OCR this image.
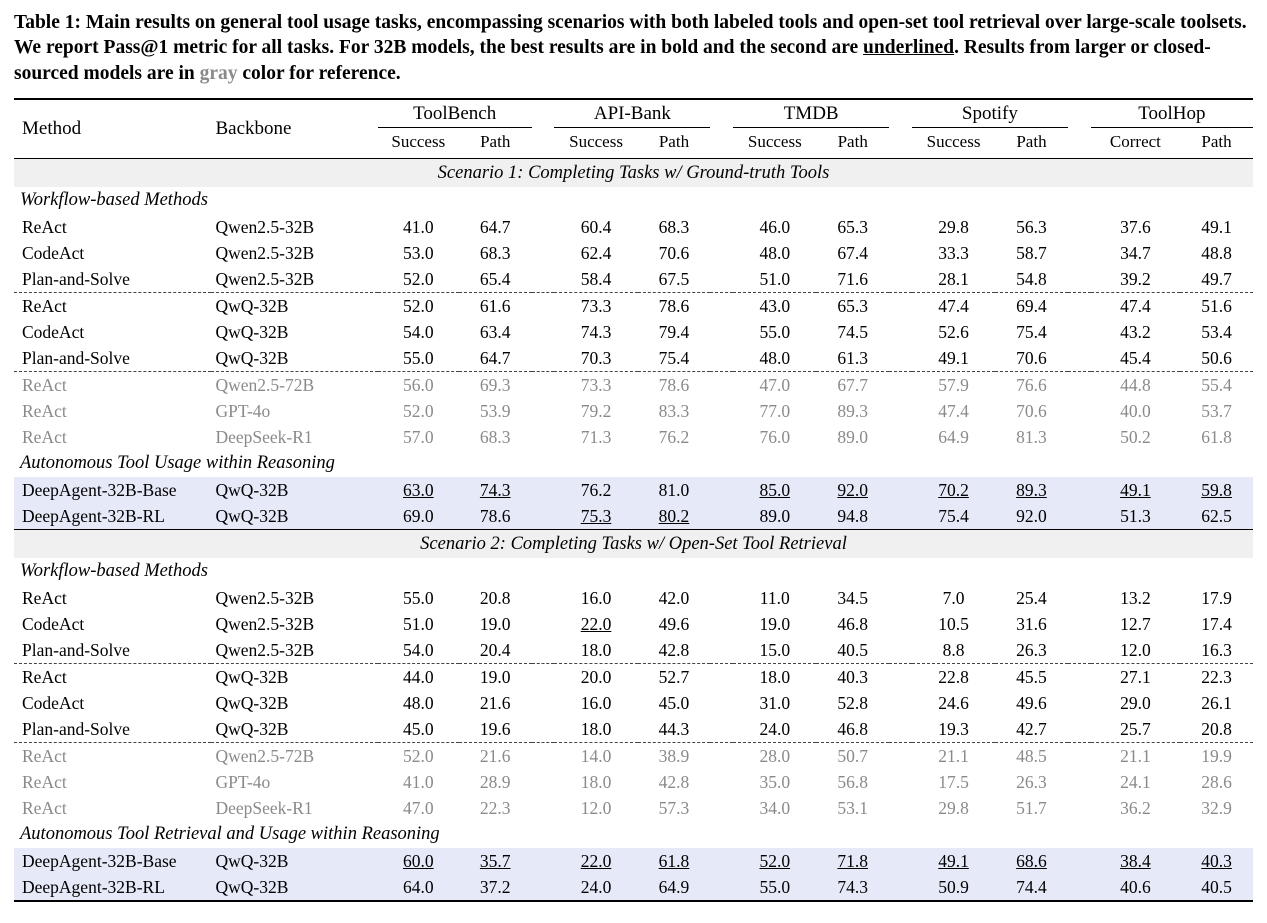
Table 1: Main results on general tool usage tasks, encompassing scenarios with both labeled tools and open-set tool retrieval over large-scale toolsets. We report Pass@1 metric for all tasks. For 32B models, the best results are in bold and the second are underlined. Results from larger or closed-sourced models are in gray color for reference.
Method	Backbone	ToolBench			API-Bank			TMDB			Spotify			ToolHop	
		Success	Path		Success	Path		Success	Path		Success	Path		Correct	Path

Scenario 1: Completing Tasks w/ Ground-truth Tools															
Workflow-based Methods															
ReAct	Qwen2.5-32B	41.0	64.7		60.4	68.3		46.0	65.3		29.8	56.3		37.6	49.1
CodeAct	Qwen2.5-32B	53.0	68.3		62.4	70.6		48.0	67.4		33.3	58.7		34.7	48.8
Plan-and-Solve	Qwen2.5-32B	52.0	65.4		58.4	67.5		51.0	71.6		28.1	54.8		39.2	49.7
ReAct	QwQ-32B	52.0	61.6		73.3	78.6		43.0	65.3		47.4	69.4		47.4	51.6
CodeAct	QwQ-32B	54.0	63.4		74.3	79.4		55.0	74.5		52.6	75.4		43.2	53.4
Plan-and-Solve	QwQ-32B	55.0	64.7		70.3	75.4		48.0	61.3		49.1	70.6		45.4	50.6
ReAct	Qwen2.5-72B	56.0	69.3		73.3	78.6		47.0	67.7		57.9	76.6		44.8	55.4
ReAct	GPT-4o	52.0	53.9		79.2	83.3		77.0	89.3		47.4	70.6		40.0	53.7
ReAct	DeepSeek-R1	57.0	68.3		71.3	76.2		76.0	89.0		64.9	81.3		50.2	61.8
Autonomous Tool Usage within Reasoning															
DeepAgent-32B-Base	QwQ-32B	63.0	74.3		76.2	81.0		85.0	92.0		70.2	89.3		49.1	59.8
DeepAgent-32B-RL	QwQ-32B	69.0	78.6		75.3	80.2		89.0	94.8		75.4	92.0		51.3	62.5

Scenario 2: Completing Tasks w/ Open-Set Tool Retrieval															
Workflow-based Methods															
ReAct	Qwen2.5-32B	55.0	20.8		16.0	42.0		11.0	34.5		7.0	25.4		13.2	17.9
CodeAct	Qwen2.5-32B	51.0	19.0		22.0	49.6		19.0	46.8		10.5	31.6		12.7	17.4
Plan-and-Solve	Qwen2.5-32B	54.0	20.4		18.0	42.8		15.0	40.5		8.8	26.3		12.0	16.3
ReAct	QwQ-32B	44.0	19.0		20.0	52.7		18.0	40.3		22.8	45.5		27.1	22.3
CodeAct	QwQ-32B	48.0	21.6		16.0	45.0		31.0	52.8		24.6	49.6		29.0	26.1
Plan-and-Solve	QwQ-32B	45.0	19.6		18.0	44.3		24.0	46.8		19.3	42.7		25.7	20.8
ReAct	Qwen2.5-72B	52.0	21.6		14.0	38.9		28.0	50.7		21.1	48.5		21.1	19.9
ReAct	GPT-4o	41.0	28.9		18.0	42.8		35.0	56.8		17.5	26.3		24.1	28.6
ReAct	DeepSeek-R1	47.0	22.3		12.0	57.3		34.0	53.1		29.8	51.7		36.2	32.9
Autonomous Tool Retrieval and Usage within Reasoning															
DeepAgent-32B-Base	QwQ-32B	60.0	35.7		22.0	61.8		52.0	71.8		49.1	68.6		38.4	40.3
DeepAgent-32B-RL	QwQ-32B	64.0	37.2		24.0	64.9		55.0	74.3		50.9	74.4		40.6	40.5
